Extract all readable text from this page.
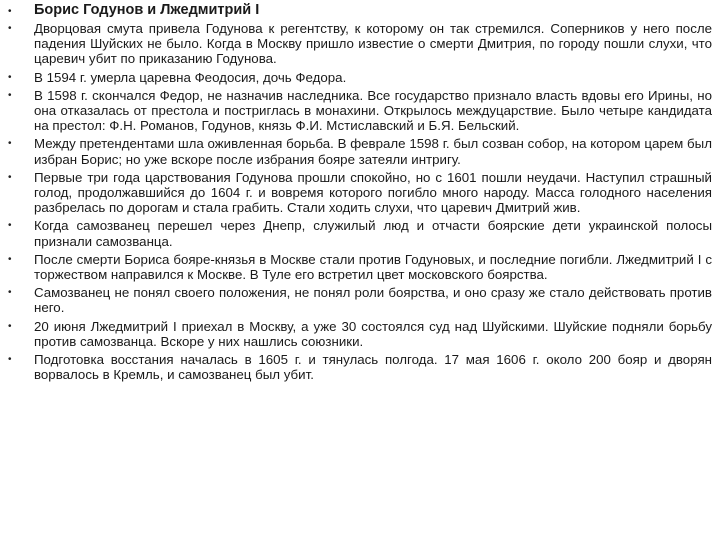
• Борис Годунов и Лжедмитрий I
•	Дворцовая смута привела Годунова к регентству, к которому он так стремился. Соперников у него после падения Шуйских не было. Когда в Москву пришло известие о смерти Дмитрия, по городу пошли слухи, что царевич убит по приказанию Годунова.

•	В 1594 г. умерла царевна Феодосия, дочь Федора.

•	В 1598 г. скончался Федор, не назначив наследника. Все государство признало власть вдовы его Ирины, но она отказалась от престола и постриглась в монахини. Открылось междуцарствие. Было четыре кандидата на престол: Ф.Н. Романов, Годунов, князь Ф.И. Мстиславский и Б.Я. Бельский.

•	Между претендентами шла оживленная борьба. В феврале 1598 г. был созван собор, на котором царем был избран Борис; но уже вскоре после избрания бояре затеяли интригу.

•	Первые три года царствования Годунова прошли спокойно, но с 1601 пошли неудачи. Наступил страшный голод, продолжавшийся до 1604 г. и вовремя которого погибло много народу. Масса голодного населения разбрелась по дорогам и стала грабить. Стали ходить слухи, что царевич Дмитрий жив.

•	Когда самозванец перешел через Днепр, служилый люд и отчасти боярские дети украинской полосы признали самозванца.

•	После смерти Бориса бояре-князья в Москве стали против Годуновых, и последние погибли. Лжедмитрий I с торжеством направился к Москве. В Туле его встретил цвет московского боярства.

•	Самозванец не понял своего положения, не понял роли боярства, и оно сразу же стало действовать против него.

•	20 июня Лжедмитрий I приехал в Москву, а уже 30 состоялся суд над Шуйскими. Шуйские подняли борьбу против самозванца. Вскоре у них нашлись союзники.

•	Подготовка восстания началась в 1605 г. и тянулась полгода. 17 мая 1606 г. около 200 бояр и дворян ворвалось в Кремль, и самозванец был убит.
